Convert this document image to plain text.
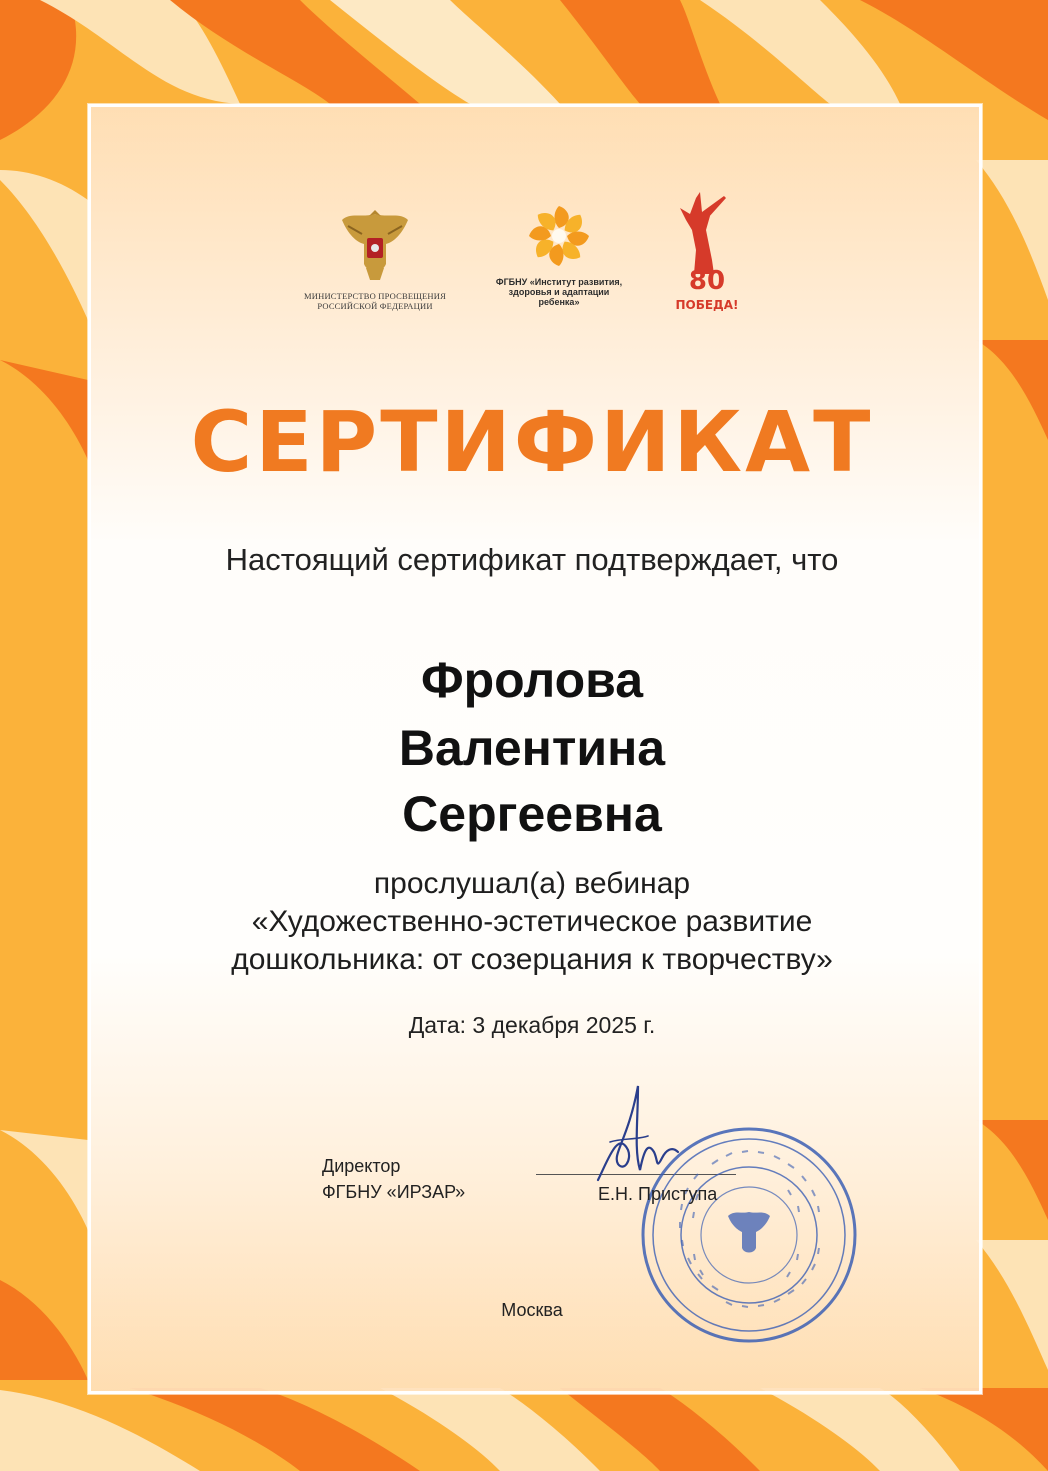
МИНИСТЕРСТВО ПРОСВЕЩЕНИЯ
РОССИЙСКОЙ ФЕДЕРАЦИИ
ФГБНУ «Институт развития,
здоровья и адаптации
ребенка»
80
ПОБЕДА!
СЕРТИФИКАТ
Настоящий сертификат подтверждает, что
Фролова
Валентина
Сергеевна
прослушал(а) вебинар
«Художественно-эстетическое развитие
дошкольника: от созерцания к творчеству»
Дата: 3 декабря 2025 г.
Директор
ФГБНУ «ИРЗАР»	Е.Н. Приступа
Москва
